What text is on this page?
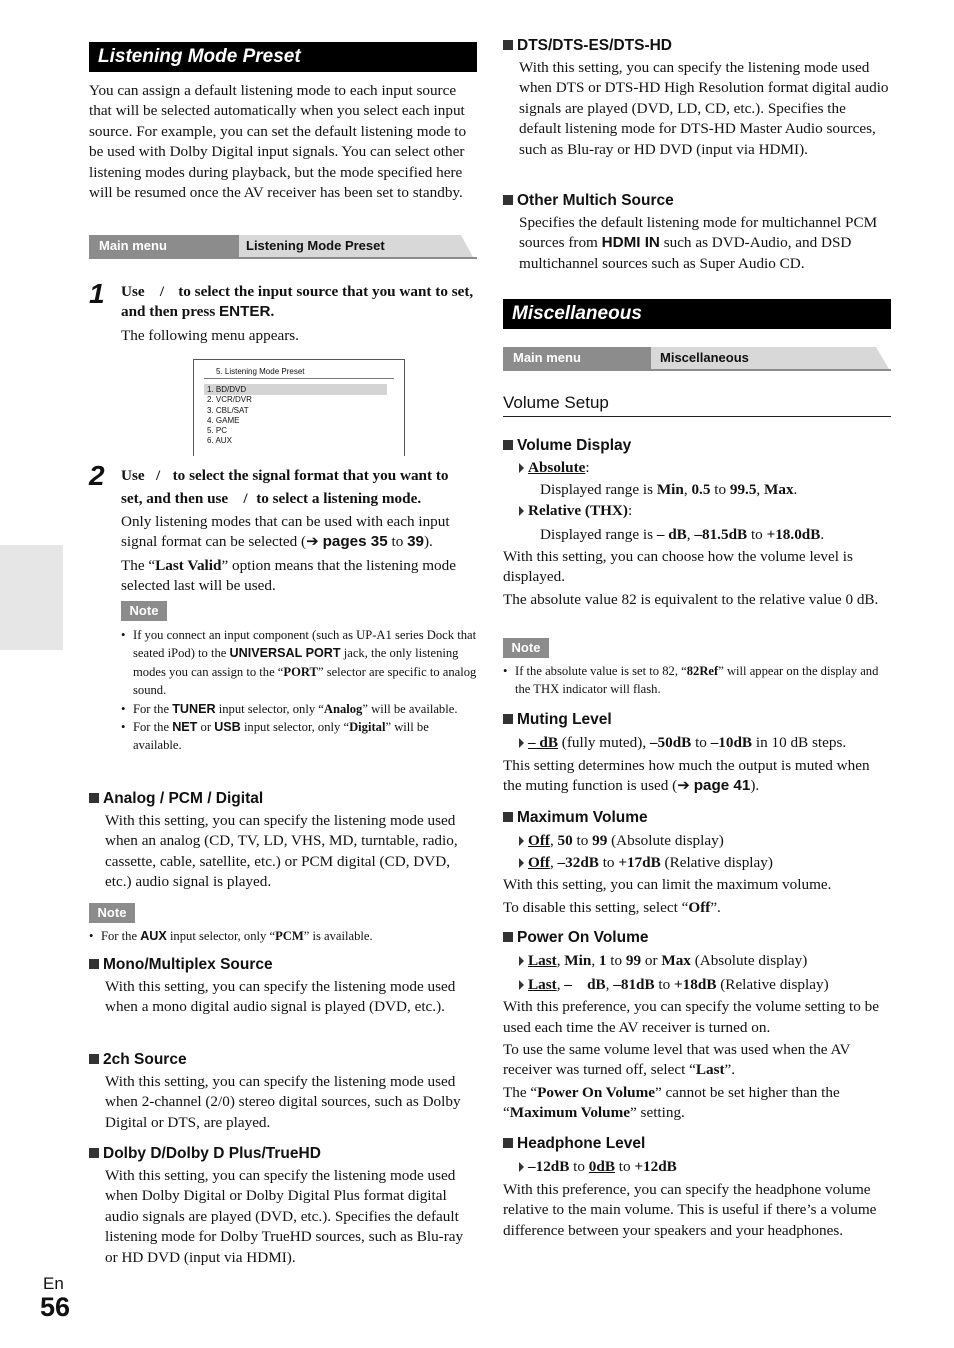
Listening Mode Preset

You can assign a default listening mode to each input source that will be selected automatically when you select each input source. For example, you can set the default listening mode to be used with Dolby Digital input signals. You can select other listening modes during playback, but the mode specified here will be resumed once the AV receiver has been set to standby.

Main menu	Listening Mode Preset
1 Use    /  to select the input source that you want to set, and then press ENTER.

The following menu appears.

5. Listening Mode Preset
1. BD/DVD
2. VCR/DVR
3. CBL/SAT
4. GAME
5. PC
6. AUX
2 Use   / to select the signal format that you want to

set, and then use    / to select a listening mode.

Only listening modes that can be used with each input signal format can be selected (➔ pages 35 to 39).

The “Last Valid” option means that the listening mode selected last will be used.

Note

• If you connect an input component (such as UP-A1 series Dock that seated iPod) to the UNIVERSAL PORT jack, the only listening modes you can assign to the “PORT” selector are specific to analog sound.

• For the TUNER input selector, only “Analog” will be available.

• For the NET or USB input selector, only “Digital” will be available.

Analog / PCM / Digital

With this setting, you can specify the listening mode used when an analog (CD, TV, LD, VHS, MD, turntable, radio, cassette, cable, satellite, etc.) or PCM digital (CD, DVD, etc.) audio signal is played.

Note

• For the AUX input selector, only “PCM” is available.

Mono/Multiplex Source

With this setting, you can specify the listening mode used when a mono digital audio signal is played (DVD, etc.).

2ch Source

With this setting, you can specify the listening mode used when 2-channel (2/0) stereo digital sources, such as Dolby Digital or DTS, are played.

Dolby D/Dolby D Plus/TrueHD

With this setting, you can specify the listening mode used when Dolby Digital or Dolby Digital Plus format digital audio signals are played (DVD, etc.). Specifies the default listening mode for Dolby TrueHD sources, such as Blu-ray or HD DVD (input via HDMI).

En
56
DTS/DTS-ES/DTS-HD

With this setting, you can specify the listening mode used when DTS or DTS-HD High Resolution format digital audio signals are played (DVD, LD, CD, etc.). Specifies the default listening mode for DTS-HD Master Audio sources, such as Blu-ray or HD DVD (input via HDMI).

Other Multich Source

Specifies the default listening mode for multichannel PCM sources from HDMI IN such as DVD-Audio, and DSD multichannel sources such as Super Audio CD.

Miscellaneous
Main menu	Miscellaneous
Volume Setup
Volume Display

Absolute:

Displayed range is Min, 0.5 to 99.5, Max.

Relative (THX):

Displayed range is – dB, –81.5dB to +18.0dB.

With this setting, you can choose how the volume level is displayed.

The absolute value 82 is equivalent to the relative value 0 dB.

Note

• If the absolute value is set to 82, “82Ref” will appear on the display and the THX indicator will flash.

Muting Level

– dB (fully muted), –50dB to –10dB in 10 dB steps.

This setting determines how much the output is muted when the muting function is used (➔ page 41).

Maximum Volume

Off, 50 to 99 (Absolute display)

Off, –32dB to +17dB (Relative display)

With this setting, you can limit the maximum volume.

To disable this setting, select “Off”.

Power On Volume

Last, Min, 1 to 99 or Max (Absolute display)

Last, – dB, –81dB to +18dB (Relative display)

With this preference, you can specify the volume setting to be used each time the AV receiver is turned on.

To use the same volume level that was used when the AV receiver was turned off, select “Last”.

The “Power On Volume” cannot be set higher than the “Maximum Volume” setting.

Headphone Level

–12dB to 0dB to +12dB

With this preference, you can specify the headphone volume relative to the main volume. This is useful if there’s a volume difference between your speakers and your headphones.
